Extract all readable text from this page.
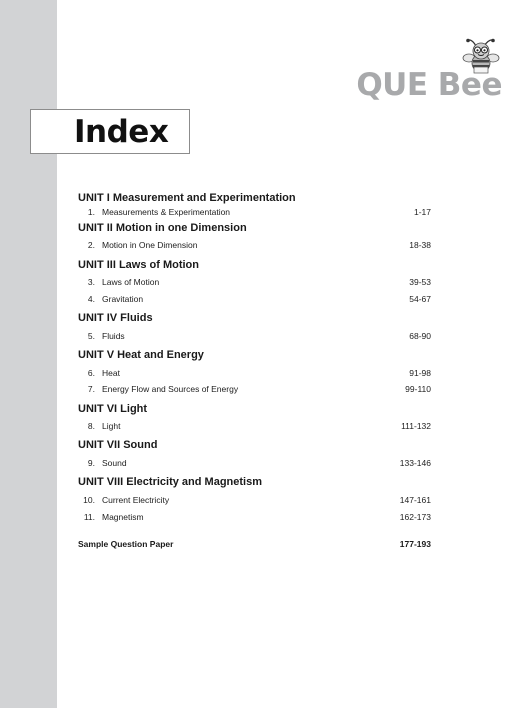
QUE Bee
Index
UNIT I Measurement and Experimentation
1. Measurements & Experimentation	1-17
UNIT II Motion in one Dimension
2. Motion in One Dimension	18-38
UNIT III Laws of Motion
3. Laws of Motion	39-53
4. Gravitation	54-67
UNIT IV Fluids
5. Fluids	68-90
UNIT V Heat and Energy
6. Heat	91-98
7. Energy Flow and Sources of Energy	99-110
UNIT VI Light
8. Light	111-132
UNIT VII Sound
9. Sound	133-146
UNIT VIII Electricity and Magnetism
10. Current Electricity	147-161
11. Magnetism	162-173
Sample Question Paper	177-193
